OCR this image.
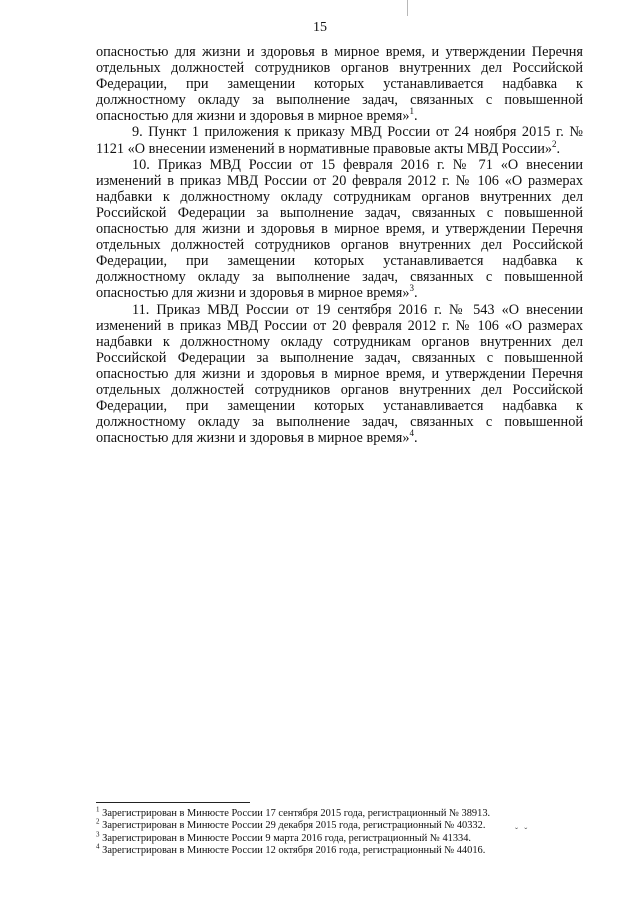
15

опасностью для жизни и здоровья в мирное время, и утверждении Перечня отдельных должностей сотрудников органов внутренних дел Российской Федерации, при замещении которых устанавливается надбавка к должностному окладу за выполнение задач, связанных с повышенной опасностью для жизни и здоровья в мирное время»$^1$.

9. Пункт 1 приложения к приказу МВД России от 24 ноября 2015 г. № 1121 «О внесении изменений в нормативные правовые акты МВД России»$^2$.

10. Приказ МВД России от 15 февраля 2016 г. № 71 «О внесении изменений в приказ МВД России от 20 февраля 2012 г. № 106 «О размерах надбавки к должностному окладу сотрудникам органов внутренних дел Российской Федерации за выполнение задач, связанных с повышенной опасностью для жизни и здоровья в мирное время, и утверждении Перечня отдельных должностей сотрудников органов внутренних дел Российской Федерации, при замещении которых устанавливается надбавка к должностному окладу за выполнение задач, связанных с повышенной опасностью для жизни и здоровья в мирное время»$^3$.

11. Приказ МВД России от 19 сентября 2016 г. № 543 «О внесении изменений в приказ МВД России от 20 февраля 2012 г. № 106 «О размерах надбавки к должностному окладу сотрудникам органов внутренних дел Российской Федерации за выполнение задач, связанных с повышенной опасностью для жизни и здоровья в мирное время, и утверждении Перечня отдельных должностей сотрудников органов внутренних дел Российской Федерации, при замещении которых устанавливается надбавка к должностному окладу за выполнение задач, связанных с повышенной опасностью для жизни и здоровья в мирное время»$^4$.

$^1$ Зарегистрирован в Минюсте России 17 сентября 2015 года, регистрационный № 38913.

$^2$ Зарегистрирован в Минюсте России 29 декабря 2015 года, регистрационный № 40332.

$^3$ Зарегистрирован в Минюсте России 9 марта 2016 года, регистрационный № 41334.

$^4$ Зарегистрирован в Минюсте России 12 октября 2016 года, регистрационный № 44016.

ˇ ˇ
